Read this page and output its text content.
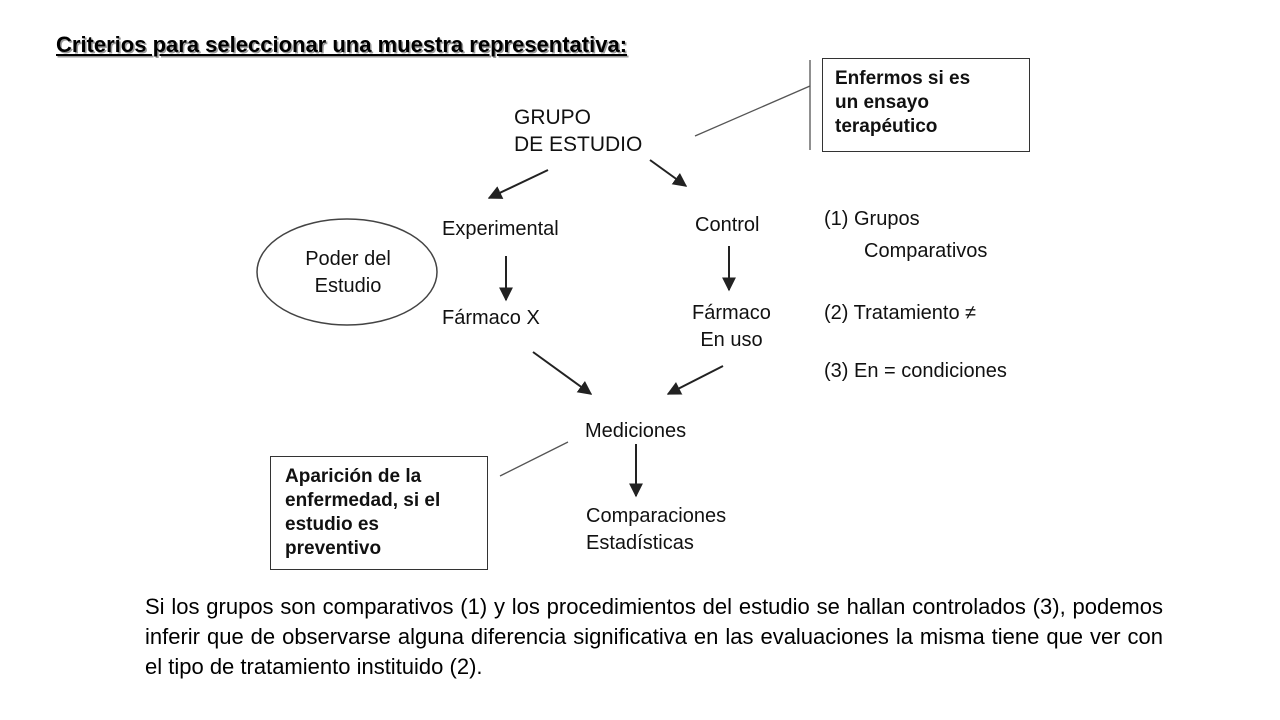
Criterios para seleccionar una muestra representativa:
GRUPO
DE ESTUDIO
Experimental	Control
Fármaco X	Fármaco
En uso
Mediciones
Comparaciones
Estadísticas
Poder del
Estudio
Enfermos si es
un ensayo
terapéutico
Aparición de la
enfermedad, si el
estudio es
preventivo
(1) Grupos
Comparativos
(2) Tratamiento ≠
(3) En = condiciones

Si los grupos son comparativos (1) y los procedimientos del estudio se hallan controlados (3), podemos inferir que de observarse alguna diferencia significativa en las evaluaciones la misma tiene que ver con el tipo de tratamiento instituido (2).
